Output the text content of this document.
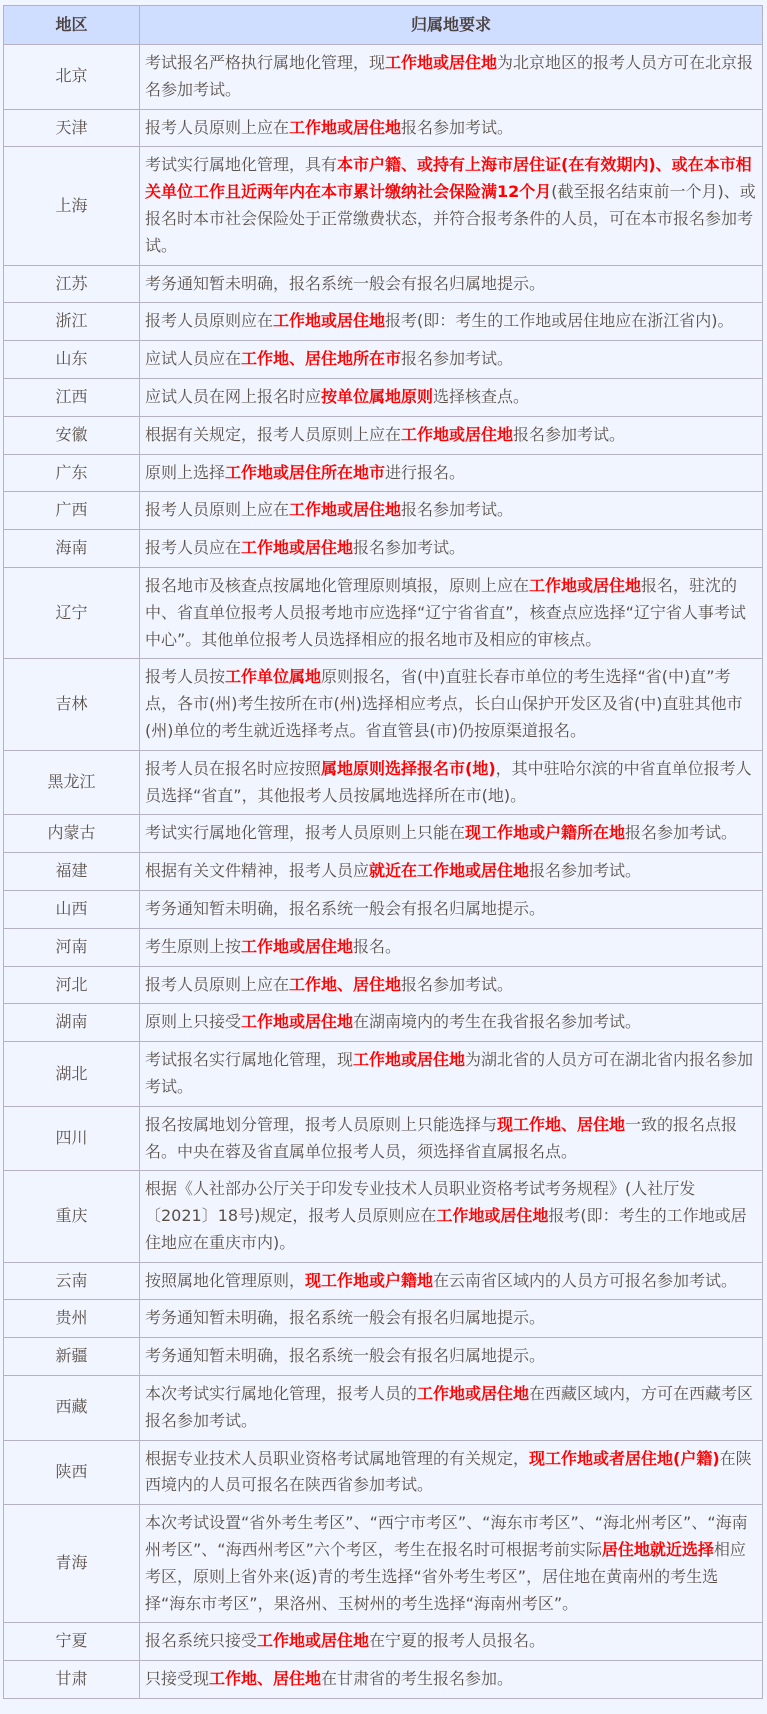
地区	归属地要求
北京	考试报名严格执行属地化管理，现工作地或居住地为北京地区的报考人员方可在北京报名参加考试。
天津	报考人员原则上应在工作地或居住地报名参加考试。
上海	考试实行属地化管理，具有本市户籍、或持有上海市居住证(在有效期内)、或在本市相关单位工作且近两年内在本市累计缴纳社会保险满12个月(截至报名结束前一个月)、或报名时本市社会保险处于正常缴费状态，并符合报考条件的人员，可在本市报名参加考试。
江苏	考务通知暂未明确，报名系统一般会有报名归属地提示。
浙江	报考人员原则应在工作地或居住地报考(即：考生的工作地或居住地应在浙江省内)。
山东	应试人员应在工作地、居住地所在市报名参加考试。
江西	应试人员在网上报名时应按单位属地原则选择核查点。
安徽	根据有关规定，报考人员原则上应在工作地或居住地报名参加考试。
广东	原则上选择工作地或居住所在地市进行报名。
广西	报考人员原则上应在工作地或居住地报名参加考试。
海南	报考人员应在工作地或居住地报名参加考试。
辽宁	报名地市及核查点按属地化管理原则填报，原则上应在工作地或居住地报名，驻沈的中、省直单位报考人员报考地市应选择“辽宁省省直”，核查点应选择“辽宁省人事考试中心”。其他单位报考人员选择相应的报名地市及相应的审核点。
吉林	报考人员按工作单位属地原则报名，省(中)直驻长春市单位的考生选择“省(中)直”考点，各市(州)考生按所在市(州)选择相应考点，长白山保护开发区及省(中)直驻其他市(州)单位的考生就近选择考点。省直管县(市)仍按原渠道报名。
黑龙江	报考人员在报名时应按照属地原则选择报名市(地)，其中驻哈尔滨的中省直单位报考人员选择“省直”，其他报考人员按属地选择所在市(地)。
内蒙古	考试实行属地化管理，报考人员原则上只能在现工作地或户籍所在地报名参加考试。
福建	根据有关文件精神，报考人员应就近在工作地或居住地报名参加考试。
山西	考务通知暂未明确，报名系统一般会有报名归属地提示。
河南	考生原则上按工作地或居住地报名。
河北	报考人员原则上应在工作地、居住地报名参加考试。
湖南	原则上只接受工作地或居住地在湖南境内的考生在我省报名参加考试。
湖北	考试报名实行属地化管理，现工作地或居住地为湖北省的人员方可在湖北省内报名参加考试。
四川	报名按属地划分管理，报考人员原则上只能选择与现工作地、居住地一致的报名点报名。中央在蓉及省直属单位报考人员，须选择省直属报名点。
重庆	根据《人社部办公厅关于印发专业技术人员职业资格考试考务规程》(人社厅发〔2021〕18号)规定，报考人员原则应在工作地或居住地报考(即：考生的工作地或居住地应在重庆市内)。
云南	按照属地化管理原则，现工作地或户籍地在云南省区域内的人员方可报名参加考试。
贵州	考务通知暂未明确，报名系统一般会有报名归属地提示。
新疆	考务通知暂未明确，报名系统一般会有报名归属地提示。
西藏	本次考试实行属地化管理，报考人员的工作地或居住地在西藏区域内，方可在西藏考区报名参加考试。
陕西	根据专业技术人员职业资格考试属地管理的有关规定，现工作地或者居住地(户籍)在陕西境内的人员可报名在陕西省参加考试。
青海	本次考试设置“省外考生考区”、“西宁市考区”、“海东市考区”、“海北州考区”、“海南州考区”、“海西州考区”六个考区，考生在报名时可根据考前实际居住地就近选择相应考区，原则上省外来(返)青的考生选择“省外考生考区”，居住地在黄南州的考生选择“海东市考区”，果洛州、玉树州的考生选择“海南州考区”。
宁夏	报名系统只接受工作地或居住地在宁夏的报考人员报名。
甘肃	只接受现工作地、居住地在甘肃省的考生报名参加。
